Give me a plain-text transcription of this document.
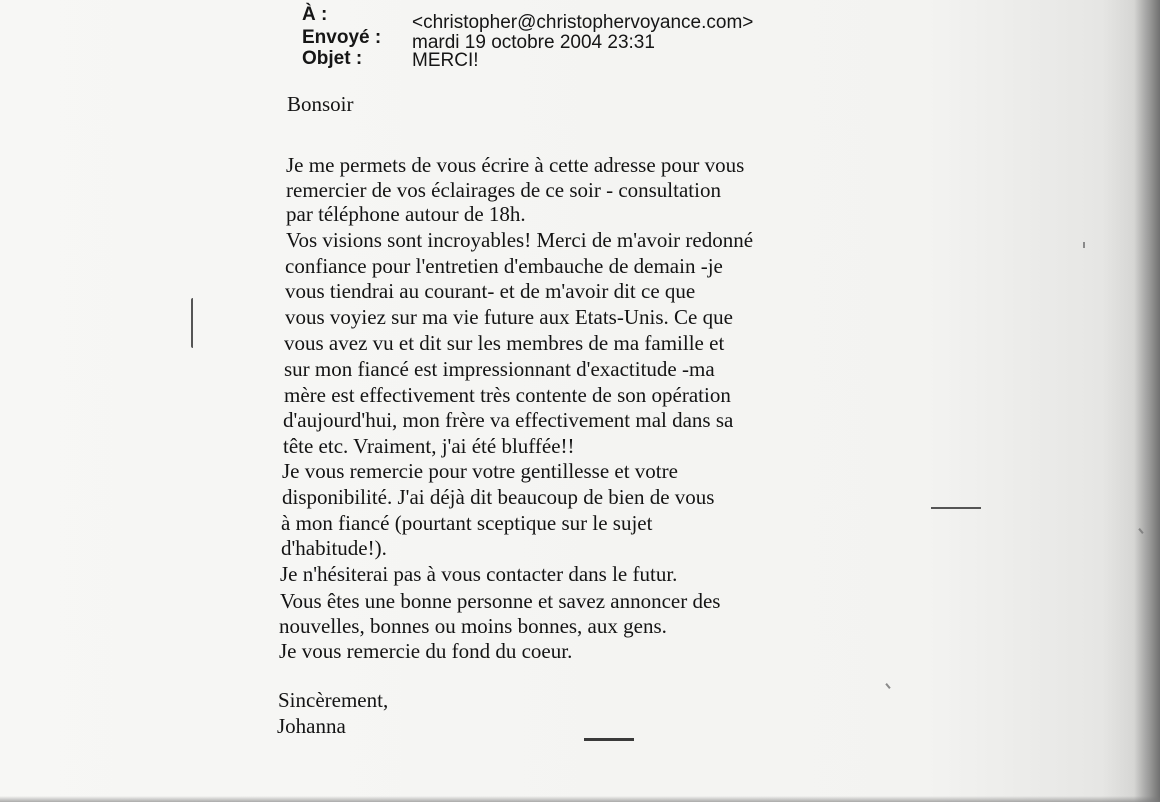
À :	<christopher@christophervoyance.com>
Envoyé : mardi 19 octobre 2004 23:31
Objet :	MERCI!
Bonsoir
Je me permets de vous écrire à cette adresse pour vous
remercier de vos éclairages de ce soir - consultation
par téléphone autour de 18h.
Vos visions sont incroyables! Merci de m'avoir redonné
confiance pour l'entretien d'embauche de demain -je
vous tiendrai au courant- et de m'avoir dit ce que
vous voyiez sur ma vie future aux Etats-Unis. Ce que
vous avez vu et dit sur les membres de ma famille et
sur mon fiancé est impressionnant d'exactitude -ma
mère est effectivement très contente de son opération
d'aujourd'hui, mon frère va effectivement mal dans sa
tête etc. Vraiment, j'ai été bluffée!!
Je vous remercie pour votre gentillesse et votre
disponibilité. J'ai déjà dit beaucoup de bien de vous
à mon fiancé (pourtant sceptique sur le sujet
d'habitude!).
Je n'hésiterai pas à vous contacter dans le futur.
Vous êtes une bonne personne et savez annoncer des
nouvelles, bonnes ou moins bonnes, aux gens.
Je vous remercie du fond du coeur.
Sincèrement,
Johanna
